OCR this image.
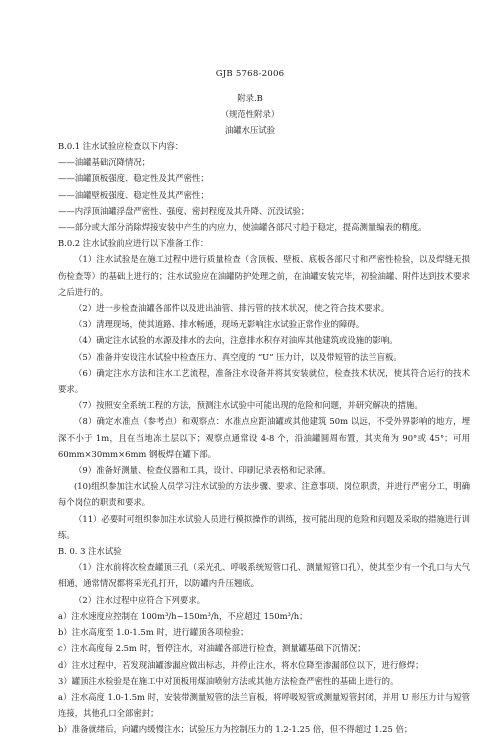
GJB 5768-2006
附录.B
（规范性附录）
油罐水压试验

B.0.1 注水试验应检查以下内容：

——油罐基础沉降情况；

——油罐顶板强度、稳定性及其严密性；

——油罐壁板强度、稳定性及其严密性；

——内浮顶油罐浮盘严密性、强度、密封程度及其升降、沉没试验；

——部分或大部分消除焊接安装中产生的内应力，使油罐各部尺寸趋于稳定，提高测量编表的精度。

B.0.2 注水试验前应进行以下准备工作：

（1）注水试验是在施工过程中进行质量检查（含顶板、壁板、底板各部尺寸和严密性检验，以及焊缝无损伤检查等）的基础上进行的；注水试验应在油罐防护处理之前，在油罐安装完毕，初验油罐、附件达到技术要求之后进行的。

（2）进一步检查油罐各部件以及进出油管、排污管的技术状况，使之符合技术要求。

（3）清理现场，使其道路、排水畅通，现场无影响注水试验正常作业的障碍。

（4）确定注水试验的水源及排水的去向，注意排水积存对油库其他建筑或设施的影响。

（5）准备并安设注水试验中检查压力、真空度的 “U” 压力计，以及带短管的法兰盲板。

（6）确定注水方法和注水工艺流程，准备注水设备并将其安装就位，检查技术状况，使其符合运行的技术要求。

（7）按照安全系统工程的方法，预测注水试验中可能出现的危险和问题，并研究解决的措施。

（8）确定水准点（参考点）和观察点：水准点应距油罐或其他建筑 50m 以远，不受外界影响的地方，埋深不小于 1m，且在当地冻土层以下；观察点通常设 4-8 个，沿油罐圆周布置，其夹角为 90°或 45°；可用 60mm×30mm×6mm 钢板焊在罐下部。

（9）准备好测量、检查仪器和工具，设计、印刷记录表格和记录薄。

(10)组织参加注水试验人员学习注水试验的方法步骤、要求、注意事项、岗位职责，并进行严密分工，明确每个岗位的职责和要求。

（11）必要时可组织参加注水试验人员进行模拟操作的训练，按可能出现的危险和问题及采取的措施进行训练。

B. 0. 3 注水试验

（1）注水前将次检查罐顶三孔（采光孔、呼吸系统短管口孔、测量短管口孔），使其至少有一个孔口与大气相通，通常情况都将采光孔打开，以防罐内升压翘底。

（2）注水过程中应符合下列要求。

a）注水速度应控制在 100m³/h~150m³/h，不应超过 150m³/h；

b）注水高度至 1.0-1.5m 时，进行罐顶各项检验；

c）注水高度每 2.5m 时，暂停注水，对油罐各部进行检查，测量罐基础下沉情况；

d）注水过程中，若发现油罐渗漏应做出标志，并停止注水，将水位降至渗漏部位以下，进行修焊；

3）罐顶注水检验是在施工中对顶板用煤油喷射方法或其他方法检查严密性的基础上进行的。

a）注水高度 1.0-1.5m 时，安装带测量短管的法兰盲板，将呼吸短管或测量短管封闭，并用 U 形压力计与短管连接，其他孔口全部密封；

b）准备就绪后，向罐内缓慢注水；试验压力为控制压力的 1.2-1.25 倍，但不得超过 1.25 倍；
